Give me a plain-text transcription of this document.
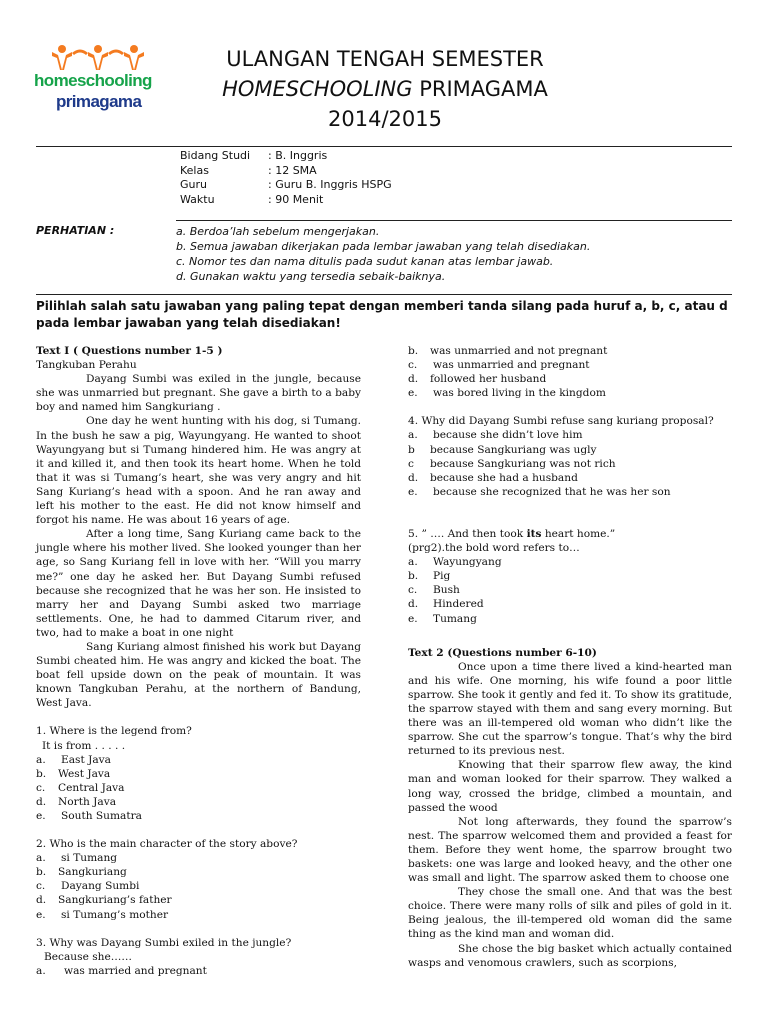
homeschooling
primagama
ULANGAN TENGAH SEMESTER
HOMESCHOOLING PRIMAGAMA
2014/2015
Bidang Studi	: B. Inggris
Kelas	: 12 SMA
Guru	: Guru B. Inggris HSPG
Waktu	: 90 Menit
PERHATIAN :	a. Berdoa’lah sebelum mengerjakan.
b. Semua jawaban dikerjakan pada lembar jawaban yang telah disediakan.
c. Nomor tes dan nama ditulis pada sudut kanan atas lembar jawab.
d. Gunakan waktu yang tersedia sebaik-baiknya.
Pilihlah salah satu jawaban yang paling tepat dengan memberi tanda silang pada huruf a, b, c, atau d pada lembar jawaban yang telah disediakan!

Text I ( Questions number 1-5 )

Tangkuban Perahu

Dayang Sumbi was exiled in the jungle, because she was unmarried but pregnant. She gave a birth to a baby boy and named him Sangkuriang .

One day he went hunting with his dog, si Tumang. In the bush he saw a pig, Wayungyang. He wanted to shoot Wayungyang but si Tumang hindered him. He was angry at it and killed it, and then took its heart home. When he told that it was si Tumang’s heart, she was very angry and hit Sang Kuriang’s head with a spoon. And he ran away and left his mother to the east. He did not know himself and forgot his name. He was about 16 years of age.

After a long time, Sang Kuriang came back to the jungle where his mother lived. She looked younger than her age, so Sang Kuriang fell in love with her. “Will you marry me?” one day he asked her. But Dayang Sumbi refused because she recognized that he was her son. He insisted to marry her and Dayang Sumbi asked two marriage settlements. One, he had to dammed Citarum river, and two, had to make a boat in one night

Sang Kuriang almost finished his work but Dayang Sumbi cheated him. He was angry and kicked the boat. The boat fell upside down on the peak of mountain. It was known Tangkuban Perahu, at the northern of Bandung, West Java.

1. Where is the legend from?

It is from . . . . .

a.	East Java
b.	West Java
c.	Central Java
d.	North Java
e.	South Sumatra

2. Who is the main character of the story above?

a.	si Tumang
b.	Sangkuriang
c.	Dayang Sumbi
d.	Sangkuriang’s father
e.	si Tumang’s mother

3. Why was Dayang Sumbi exiled in the jungle?

Because she……

a.	was married and pregnant
b.	was unmarried and not pregnant
c.	was unmarried and pregnant
d.	followed her husband
e.	was bored living in the kingdom

4. Why did Dayang Sumbi refuse sang kuriang proposal?

a.	because she didn’t love him
b	because Sangkuriang was ugly
c	because Sangkuriang was not rich
d.	because she had a husband
e.	because she recognized that he was her son

5. ” …. And then took its heart home.”

(prg2).the bold word refers to…

a.	Wayungyang
b.	Pig
c.	Bush
d.	Hindered
e.	Tumang

Text 2 (Questions number 6-10)

Once upon a time there lived a kind-hearted man and his wife. One morning, his wife found a poor little sparrow. She took it gently and fed it. To show its gratitude, the sparrow stayed with them and sang every morning. But there was an ill-tempered old woman who didn’t like the sparrow. She cut the sparrow’s tongue. That’s why the bird returned to its previous nest.

Knowing that their sparrow flew away, the kind man and woman looked for their sparrow. They walked a long way, crossed the bridge, climbed a mountain, and passed the wood

Not long afterwards, they found the sparrow’s nest. The sparrow welcomed them and provided a feast for them. Before they went home, the sparrow brought two baskets: one was large and looked heavy, and the other one was small and light. The sparrow asked them to choose one

They chose the small one. And that was the best choice. There were many rolls of silk and piles of gold in it. Being jealous, the ill-tempered old woman did the same thing as the kind man and woman did.

She chose the big basket which actually contained wasps and venomous crawlers, such as scorpions,
